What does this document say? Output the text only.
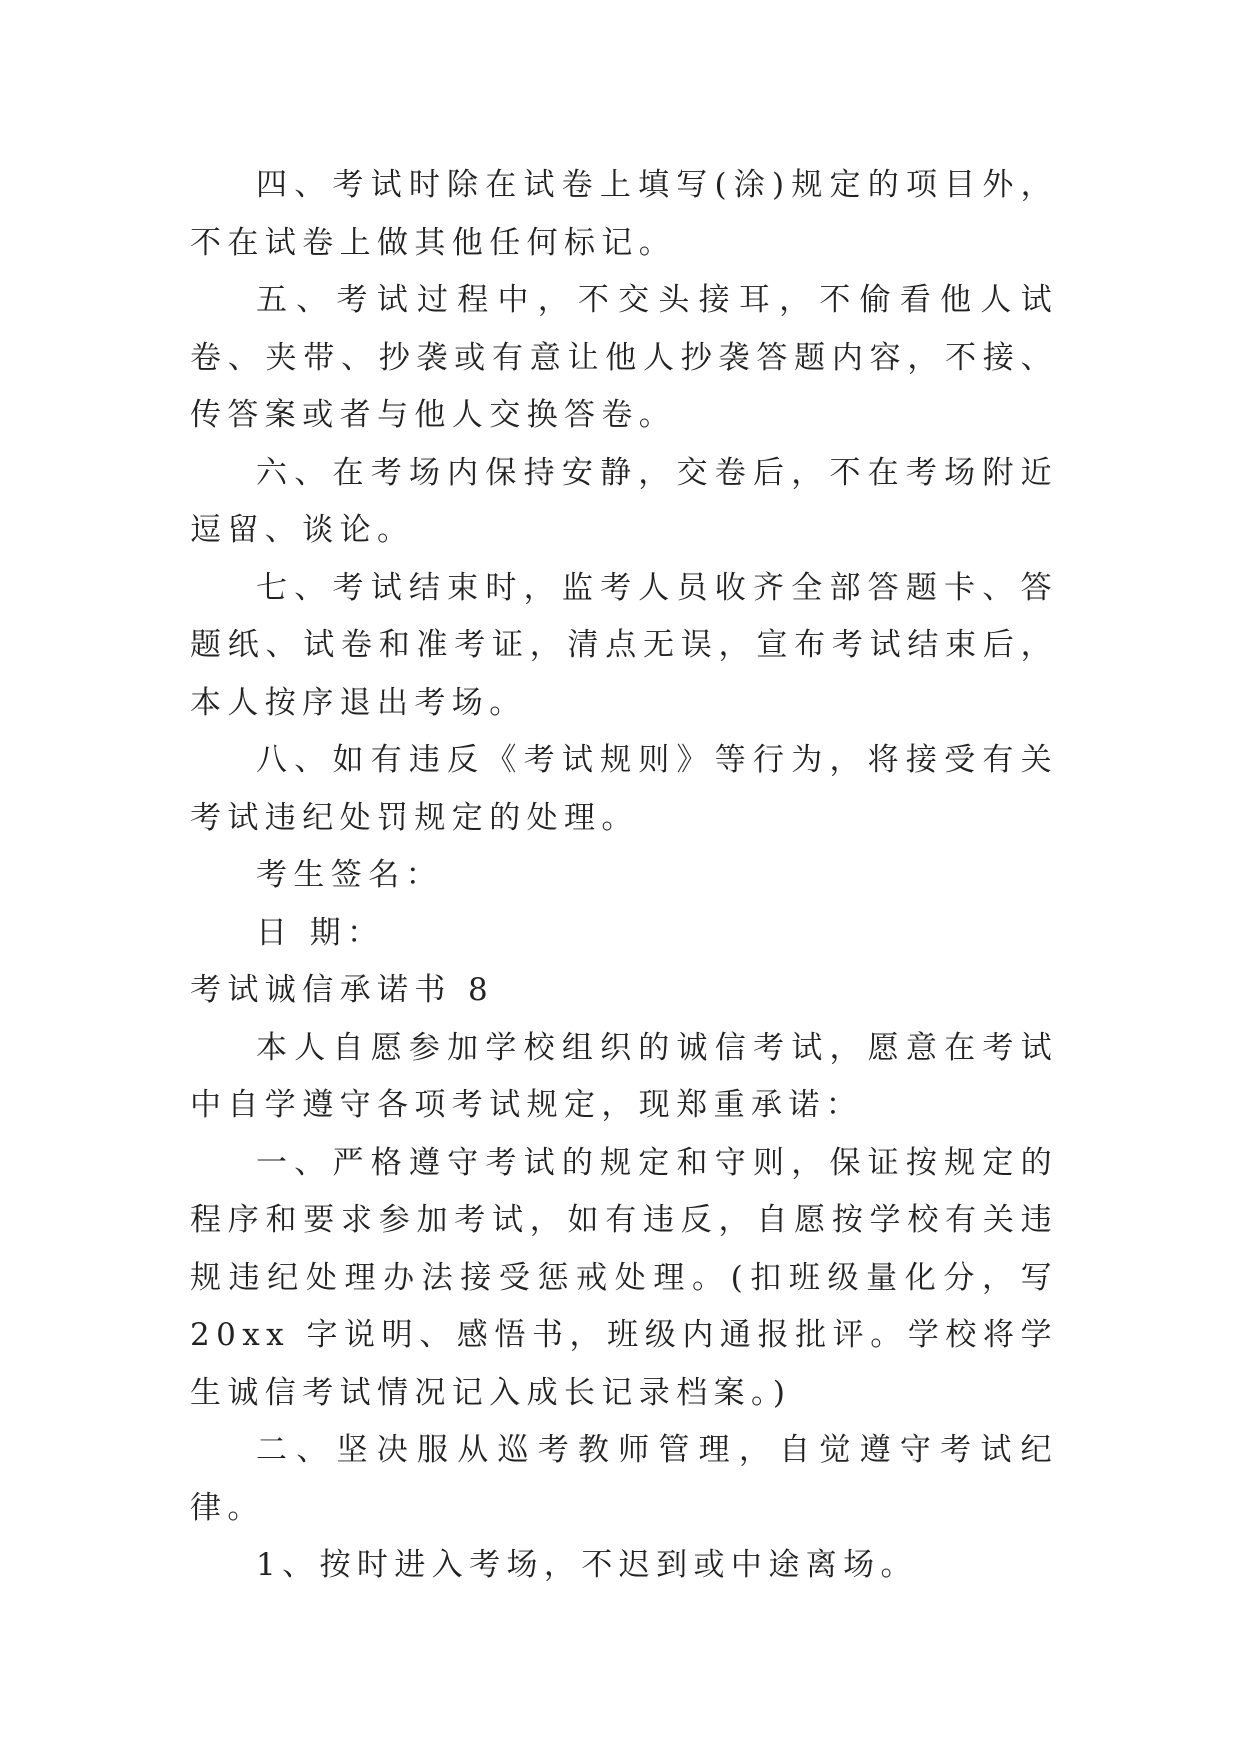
四、考试时除在试卷上填写(涂)规定的项目外，不在试卷上做其他任何标记。

五、考试过程中，不交头接耳，不偷看他人试卷、夹带、抄袭或有意让他人抄袭答题内容，不接、传答案或者与他人交换答卷。

六、在考场内保持安静，交卷后，不在考场附近逗留、谈论。

七、考试结束时，监考人员收齐全部答题卡、答题纸、试卷和准考证，清点无误，宣布考试结束后，本人按序退出考场。

八、如有违反《考试规则》等行为，将接受有关考试违纪处罚规定的处理。

考生签名：

日 期：

考试诚信承诺书 8

本人自愿参加学校组织的诚信考试，愿意在考试中自学遵守各项考试规定，现郑重承诺：

一、严格遵守考试的规定和守则，保证按规定的程序和要求参加考试，如有违反，自愿按学校有关违规违纪处理办法接受惩戒处理。(扣班级量化分，写 20xx 字说明、感悟书，班级内通报批评。学校将学生诚信考试情况记入成长记录档案。)

二、坚决服从巡考教师管理，自觉遵守考试纪律。

1、按时进入考场，不迟到或中途离场。
